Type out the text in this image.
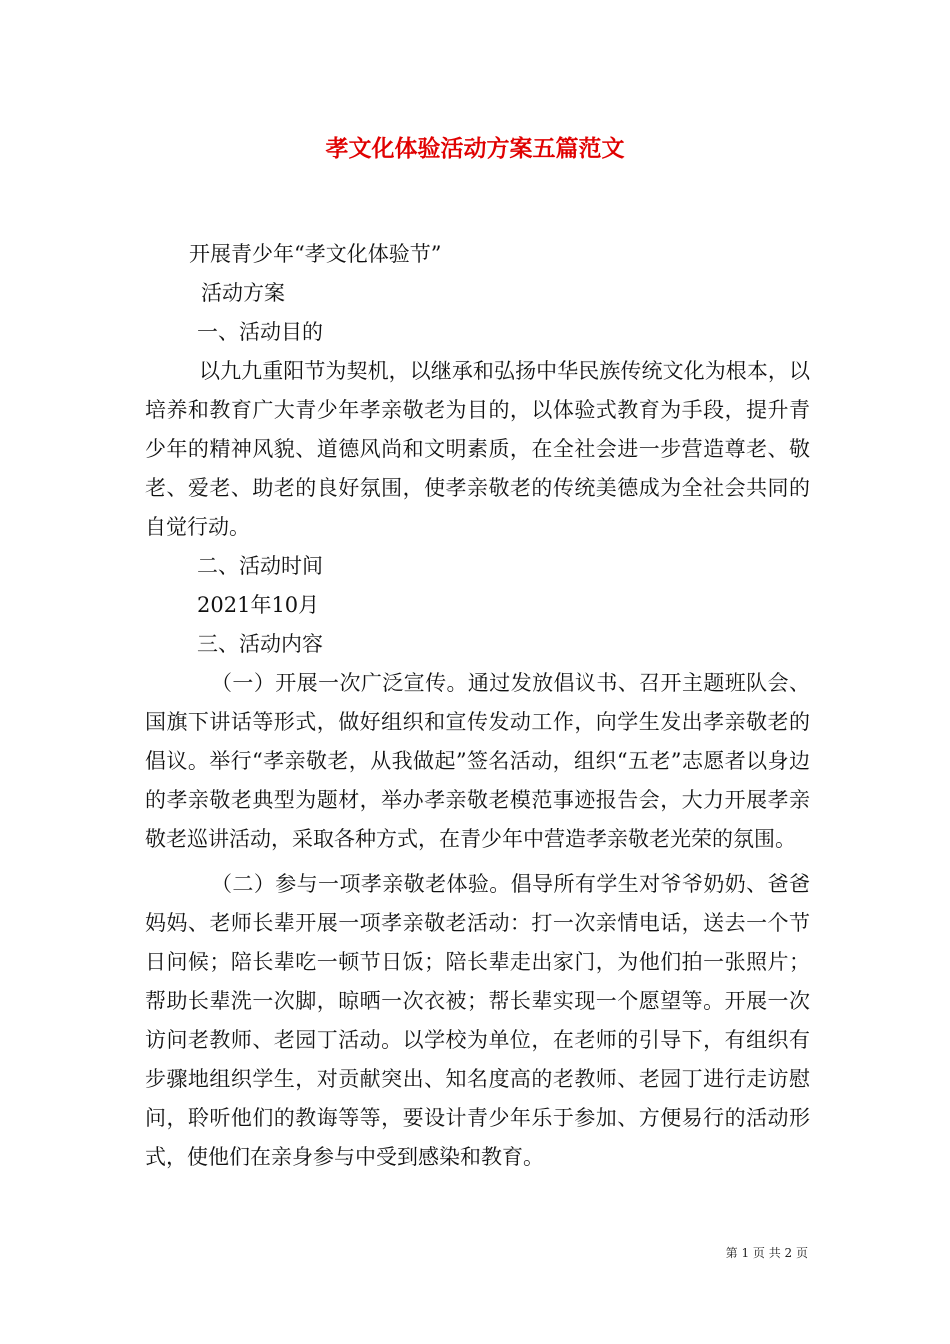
孝文化体验活动方案五篇范文

开展青少年“孝文化体验节”

活动方案

一、活动目的

以九九重阳节为契机，以继承和弘扬中华民族传统文化为根本，以培养和教育广大青少年孝亲敬老为目的，以体验式教育为手段，提升青少年的精神风貌、道德风尚和文明素质，在全社会进一步营造尊老、敬老、爱老、助老的良好氛围，使孝亲敬老的传统美德成为全社会共同的自觉行动。

二、活动时间

2021年10月

三、活动内容

（一）开展一次广泛宣传。通过发放倡议书、召开主题班队会、国旗下讲话等形式，做好组织和宣传发动工作，向学生发出孝亲敬老的倡议。举行“孝亲敬老，从我做起”签名活动，组织“五老”志愿者以身边的孝亲敬老典型为题材，举办孝亲敬老模范事迹报告会，大力开展孝亲敬老巡讲活动，采取各种方式，在青少年中营造孝亲敬老光荣的氛围。

（二）参与一项孝亲敬老体验。倡导所有学生对爷爷奶奶、爸爸妈妈、老师长辈开展一项孝亲敬老活动：打一次亲情电话，送去一个节日问候；陪长辈吃一顿节日饭；陪长辈走出家门，为他们拍一张照片；帮助长辈洗一次脚，晾晒一次衣被；帮长辈实现一个愿望等。开展一次访问老教师、老园丁活动。以学校为单位，在老师的引导下，有组织有步骤地组织学生，对贡献突出、知名度高的老教师、老园丁进行走访慰问，聆听他们的教诲等等，要设计青少年乐于参加、方便易行的活动形式，使他们在亲身参与中受到感染和教育。

第 1 页 共 2 页
